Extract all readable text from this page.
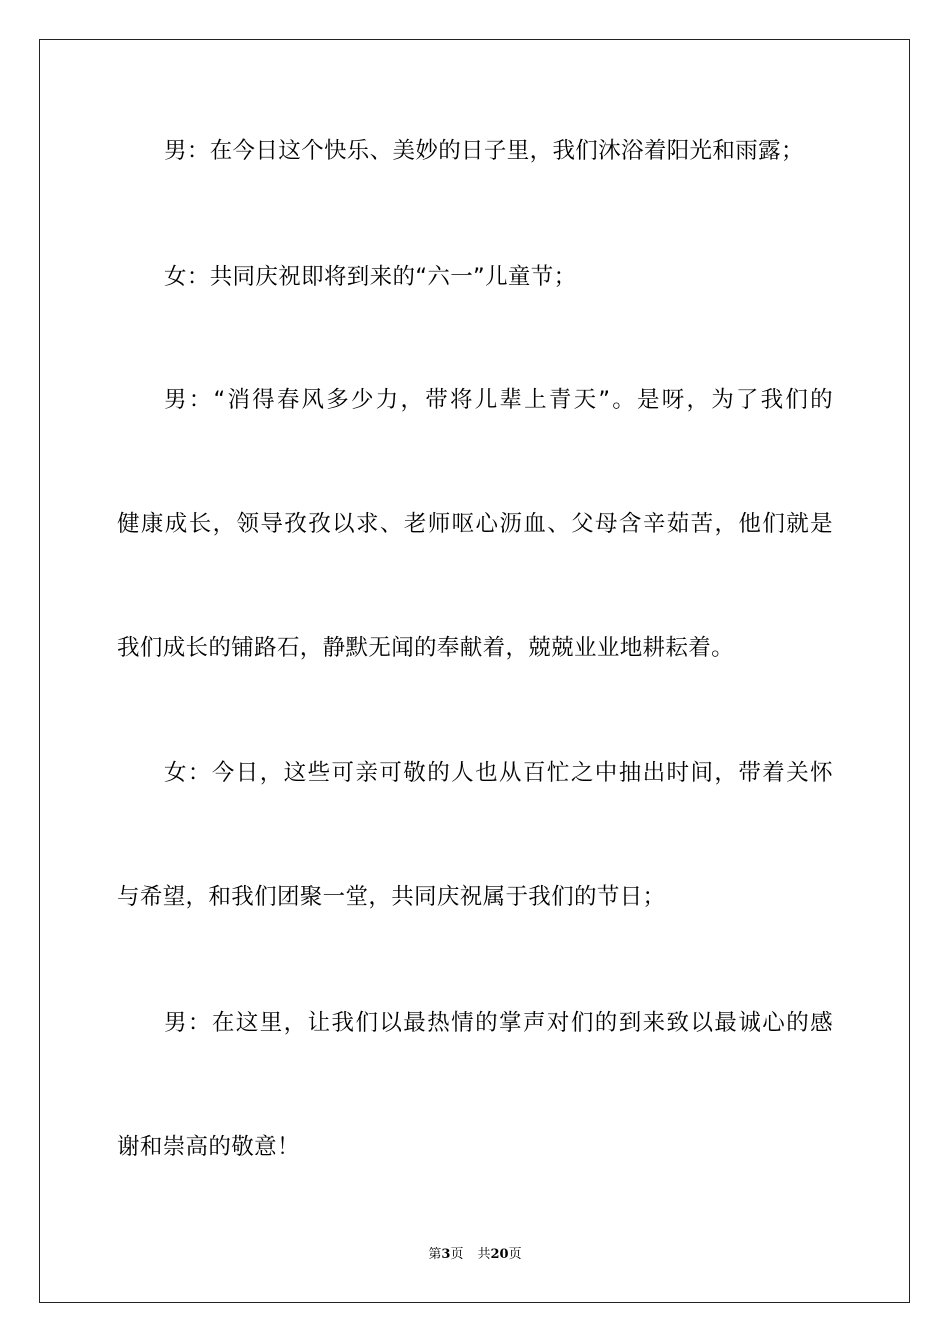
男：在今日这个快乐、美妙的日子里，我们沐浴着阳光和雨露；
女：共同庆祝即将到来的“六一”儿童节；
男：“消得春风多少力，带将儿辈上青天”。是呀，为了我们的
健康成长，领导孜孜以求、老师呕心沥血、父母含辛茹苦，他们就是
我们成长的铺路石，静默无闻的奉献着，兢兢业业地耕耘着。
女：今日，这些可亲可敬的人也从百忙之中抽出时间，带着关怀
与希望，和我们团聚一堂，共同庆祝属于我们的节日；
男：在这里，让我们以最热情的掌声对们的到来致以最诚心的感
谢和崇高的敬意！
第3页 共20页
